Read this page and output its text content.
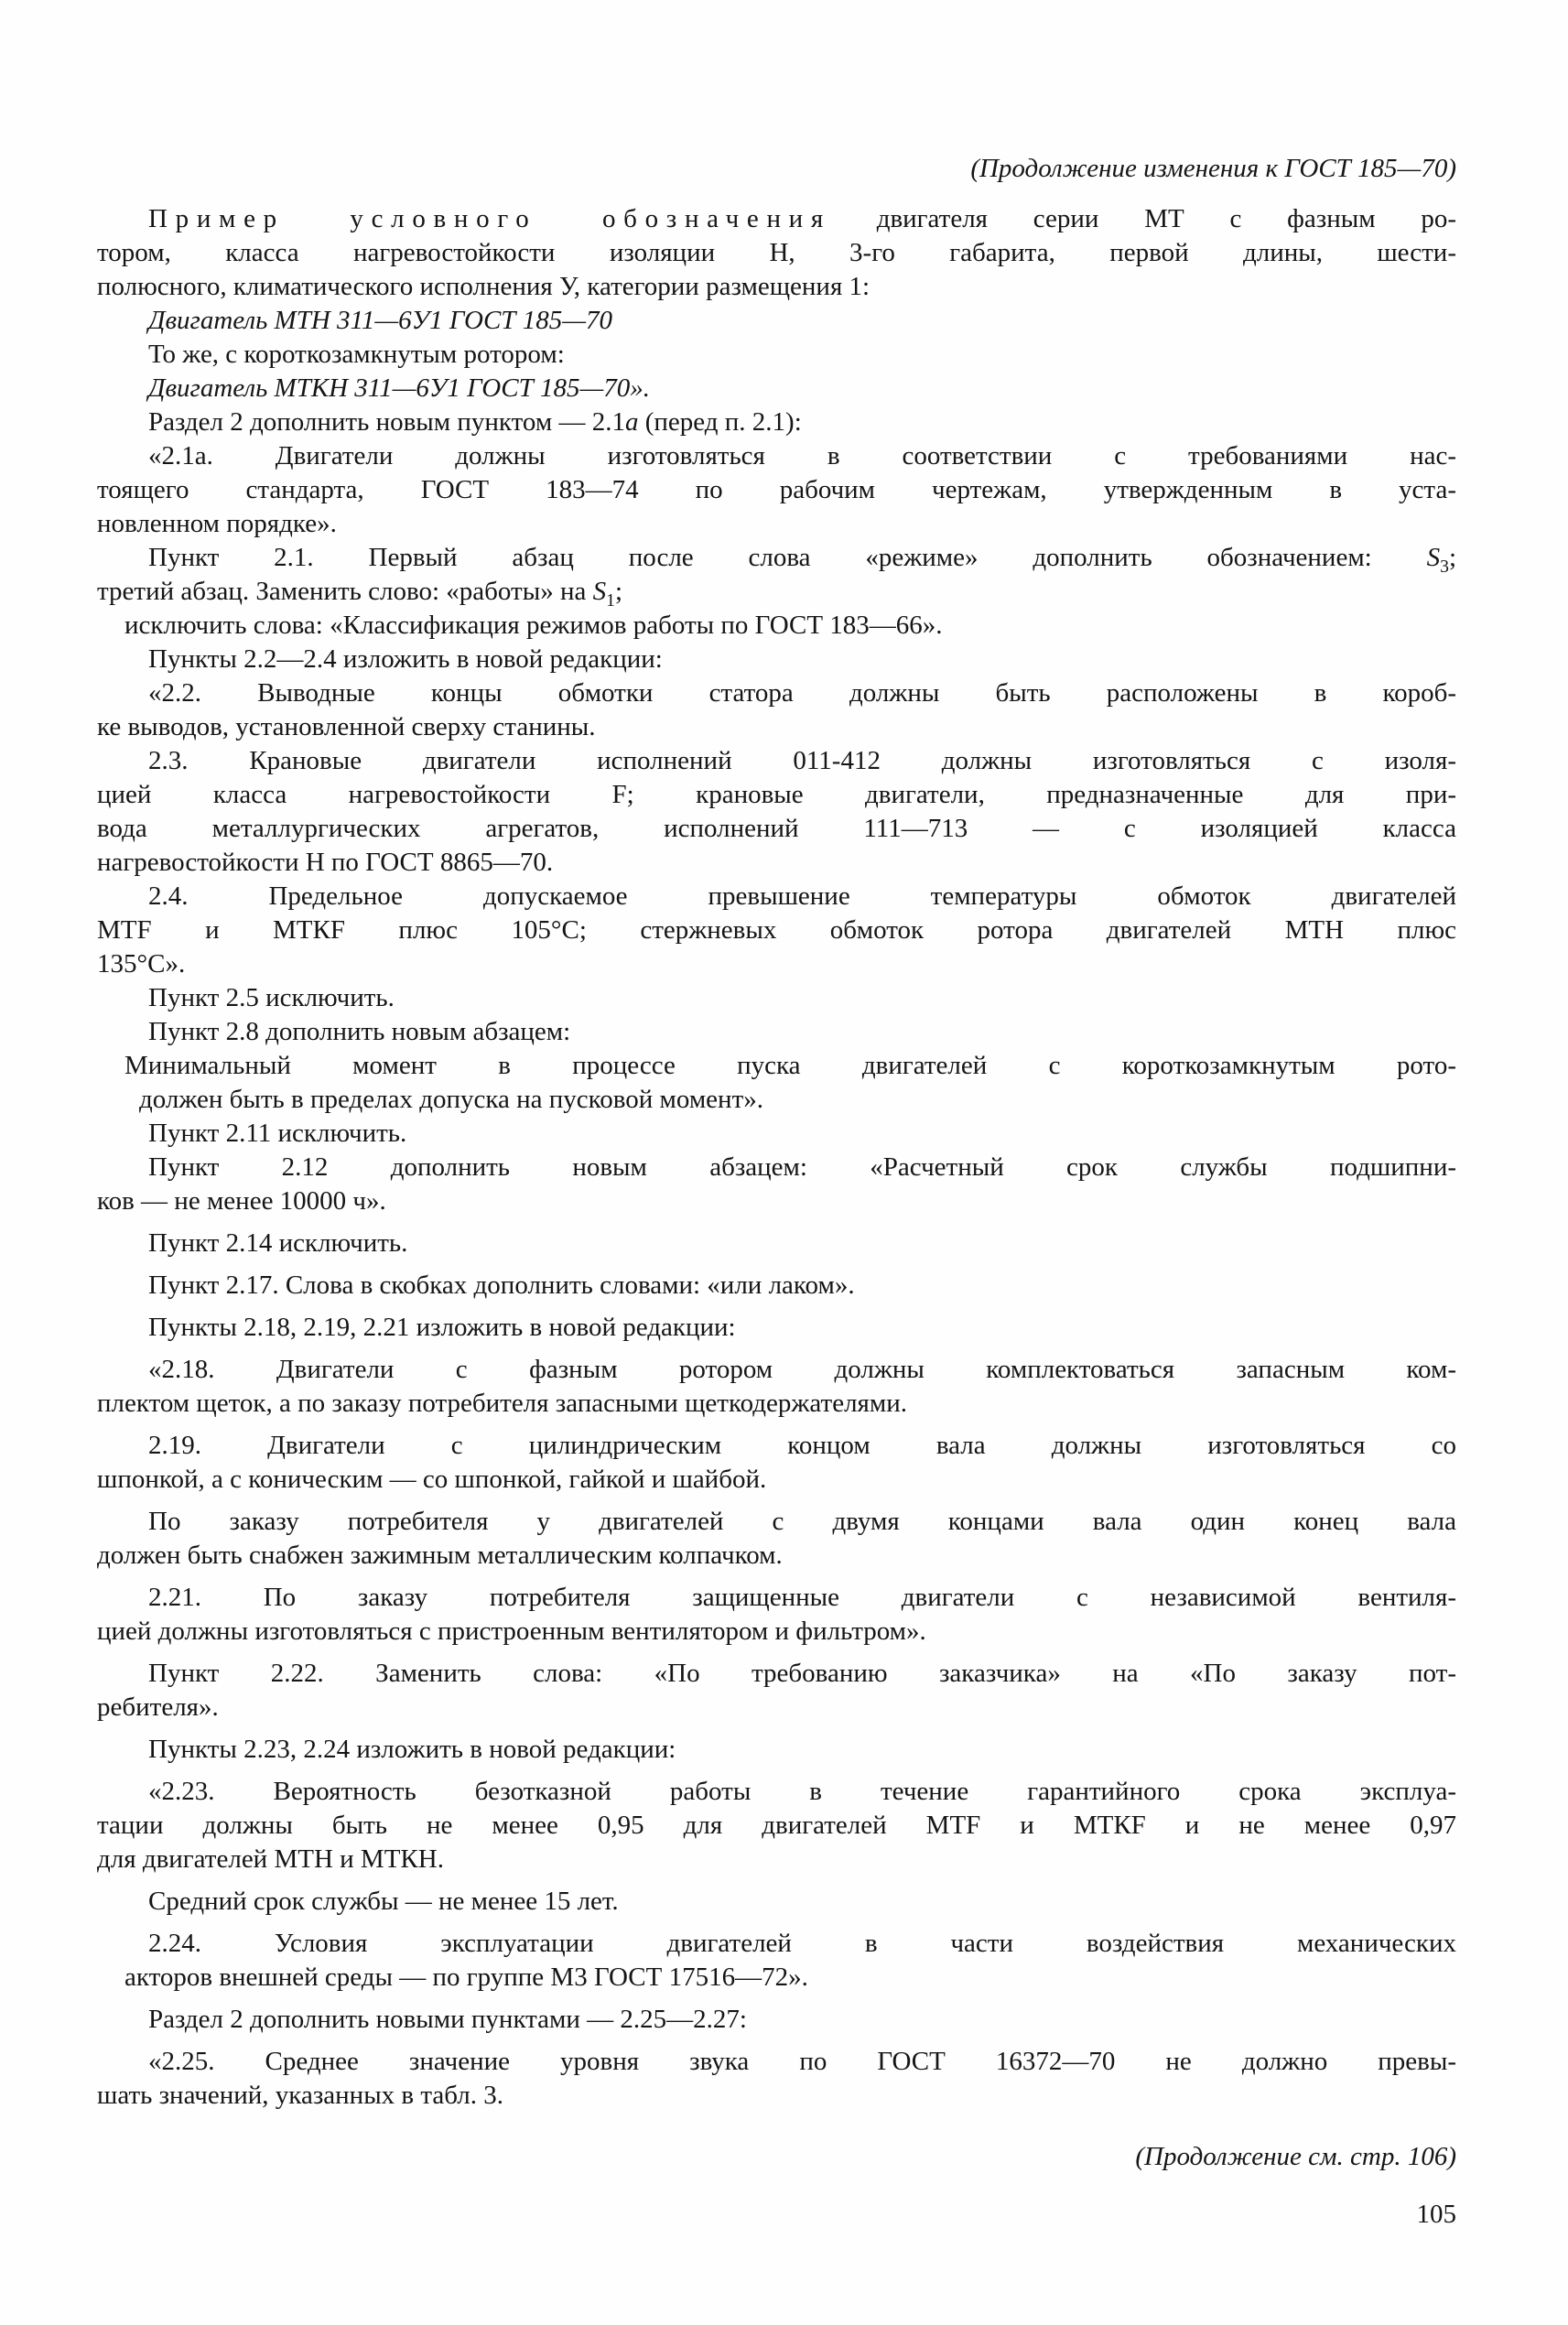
(Продолжение изменения к ГОСТ 185—70)
Пример условного обозначения двигателя серии МТ с фазным ро-
тором, класса нагревостойкости изоляции Н, 3-го габарита, первой длины, шести-
полюсного, климатического исполнения У, категории размещения 1:
Двигатель МТН 311—6У1 ГОСТ 185—70
То же, с короткозамкнутым ротором:
Двигатель МТКН 311—6У1 ГОСТ 185—70».
Раздел 2 дополнить новым пунктом — 2.1а (перед п. 2.1):
«2.1а. Двигатели должны изготовляться в соответствии с требованиями нас-
тоящего стандарта, ГОСТ 183—74 по рабочим чертежам, утвержденным в уста-
новленном порядке».
Пункт 2.1. Первый абзац после слова «режиме» дополнить обозначением: $S_3$;
третий абзац. Заменить слово: «работы» на $S_1$;
исключить слова: «Классификация режимов работы по ГОСТ 183—66».
Пункты 2.2—2.4 изложить в новой редакции:
«2.2. Выводные концы обмотки статора должны быть расположены в короб-
ке выводов, установленной сверху станины.
2.3. Крановые двигатели исполнений 011-412 должны изготовляться с изоля-
цией класса нагревостойкости F; крановые двигатели, предназначенные для при-
вода металлургических агрегатов, исполнений 111—713 — с изоляцией класса
нагревостойкости Н по ГОСТ 8865—70.
2.4. Предельное допускаемое превышение температуры обмоток двигателей
МТF и МТКF плюс 105°С; стержневых обмоток ротора двигателей МТН плюс
135°С».
Пункт 2.5 исключить.
Пункт 2.8 дополнить новым абзацем:
Минимальный момент в процессе пуска двигателей с короткозамкнутым рото-
должен быть в пределах допуска на пусковой момент».
Пункт 2.11 исключить.
Пункт 2.12 дополнить новым абзацем: «Расчетный срок службы подшипни-
ков — не менее 10000 ч».
Пункт 2.14 исключить.
Пункт 2.17. Слова в скобках дополнить словами: «или лаком».
Пункты 2.18, 2.19, 2.21 изложить в новой редакции:
«2.18. Двигатели с фазным ротором должны комплектоваться запасным ком-
плектом щеток, а по заказу потребителя запасными щеткодержателями.
2.19. Двигатели с цилиндрическим концом вала должны изготовляться со
шпонкой, а с коническим — со шпонкой, гайкой и шайбой.
По заказу потребителя у двигателей с двумя концами вала один конец вала
должен быть снабжен зажимным металлическим колпачком.
2.21. По заказу потребителя защищенные двигатели с независимой вентиля-
цией должны изготовляться с пристроенным вентилятором и фильтром».
Пункт 2.22. Заменить слова: «По требованию заказчика» на «По заказу пот-
ребителя».
Пункты 2.23, 2.24 изложить в новой редакции:
«2.23. Вероятность безотказной работы в течение гарантийного срока эксплуа-
тации должны быть не менее 0,95 для двигателей МТF и МТКF и не менее 0,97
для двигателей МТН и МТКН.
Средний срок службы — не менее 15 лет.
2.24. Условия эксплуатации двигателей в части воздействия механических
акторов внешней среды — по группе М3 ГОСТ 17516—72».
Раздел 2 дополнить новыми пунктами — 2.25—2.27:
«2.25. Среднее значение уровня звука по ГОСТ 16372—70 не должно превы-
шать значений, указанных в табл. 3.
(Продолжение см. стр. 106)
105
